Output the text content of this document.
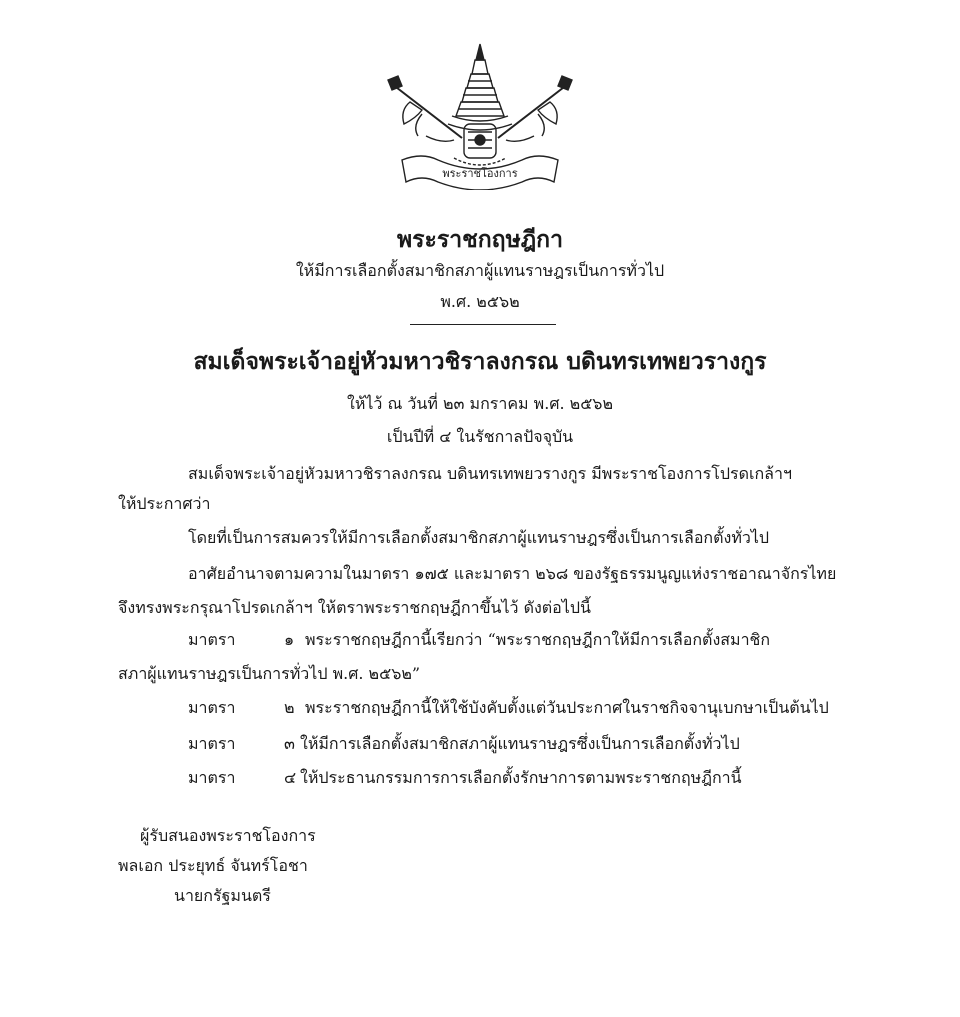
พระราชโองการ
พระราชกฤษฎีกา
ให้มีการเลือกตั้งสมาชิกสภาผู้แทนราษฎรเป็นการทั่วไป
พ.ศ. ๒๕๖๒
สมเด็จพระเจ้าอยู่หัวมหาวชิราลงกรณ บดินทรเทพยวรางกูร
ให้ไว้ ณ วันที่ ๒๓ มกราคม พ.ศ. ๒๕๖๒
เป็นปีที่ ๔ ในรัชกาลปัจจุบัน
สมเด็จพระเจ้าอยู่หัวมหาวชิราลงกรณ บดินทรเทพยวรางกูร มีพระราชโองการโปรดเกล้าฯ
ให้ประกาศว่า
โดยที่เป็นการสมควรให้มีการเลือกตั้งสมาชิกสภาผู้แทนราษฎรซึ่งเป็นการเลือกตั้งทั่วไป
อาศัยอำนาจตามความในมาตรา ๑๗๕ และมาตรา ๒๖๘ ของรัฐธรรมนูญแห่งราชอาณาจักรไทย
จึงทรงพระกรุณาโปรดเกล้าฯ ให้ตราพระราชกฤษฎีกาขึ้นไว้ ดังต่อไปนี้
มาตรา	๑ พระราชกฤษฎีกานี้เรียกว่า “พระราชกฤษฎีกาให้มีการเลือกตั้งสมาชิก
สภาผู้แทนราษฎรเป็นการทั่วไป พ.ศ. ๒๕๖๒”
มาตรา	๒ พระราชกฤษฎีกานี้ให้ใช้บังคับตั้งแต่วันประกาศในราชกิจจานุเบกษาเป็นต้นไป
มาตรา	๓ ให้มีการเลือกตั้งสมาชิกสภาผู้แทนราษฎรซึ่งเป็นการเลือกตั้งทั่วไป
มาตรา	๔ ให้ประธานกรรมการการเลือกตั้งรักษาการตามพระราชกฤษฎีกานี้
ผู้รับสนองพระราชโองการ
พลเอก ประยุทธ์ จันทร์โอชา
นายกรัฐมนตรี
